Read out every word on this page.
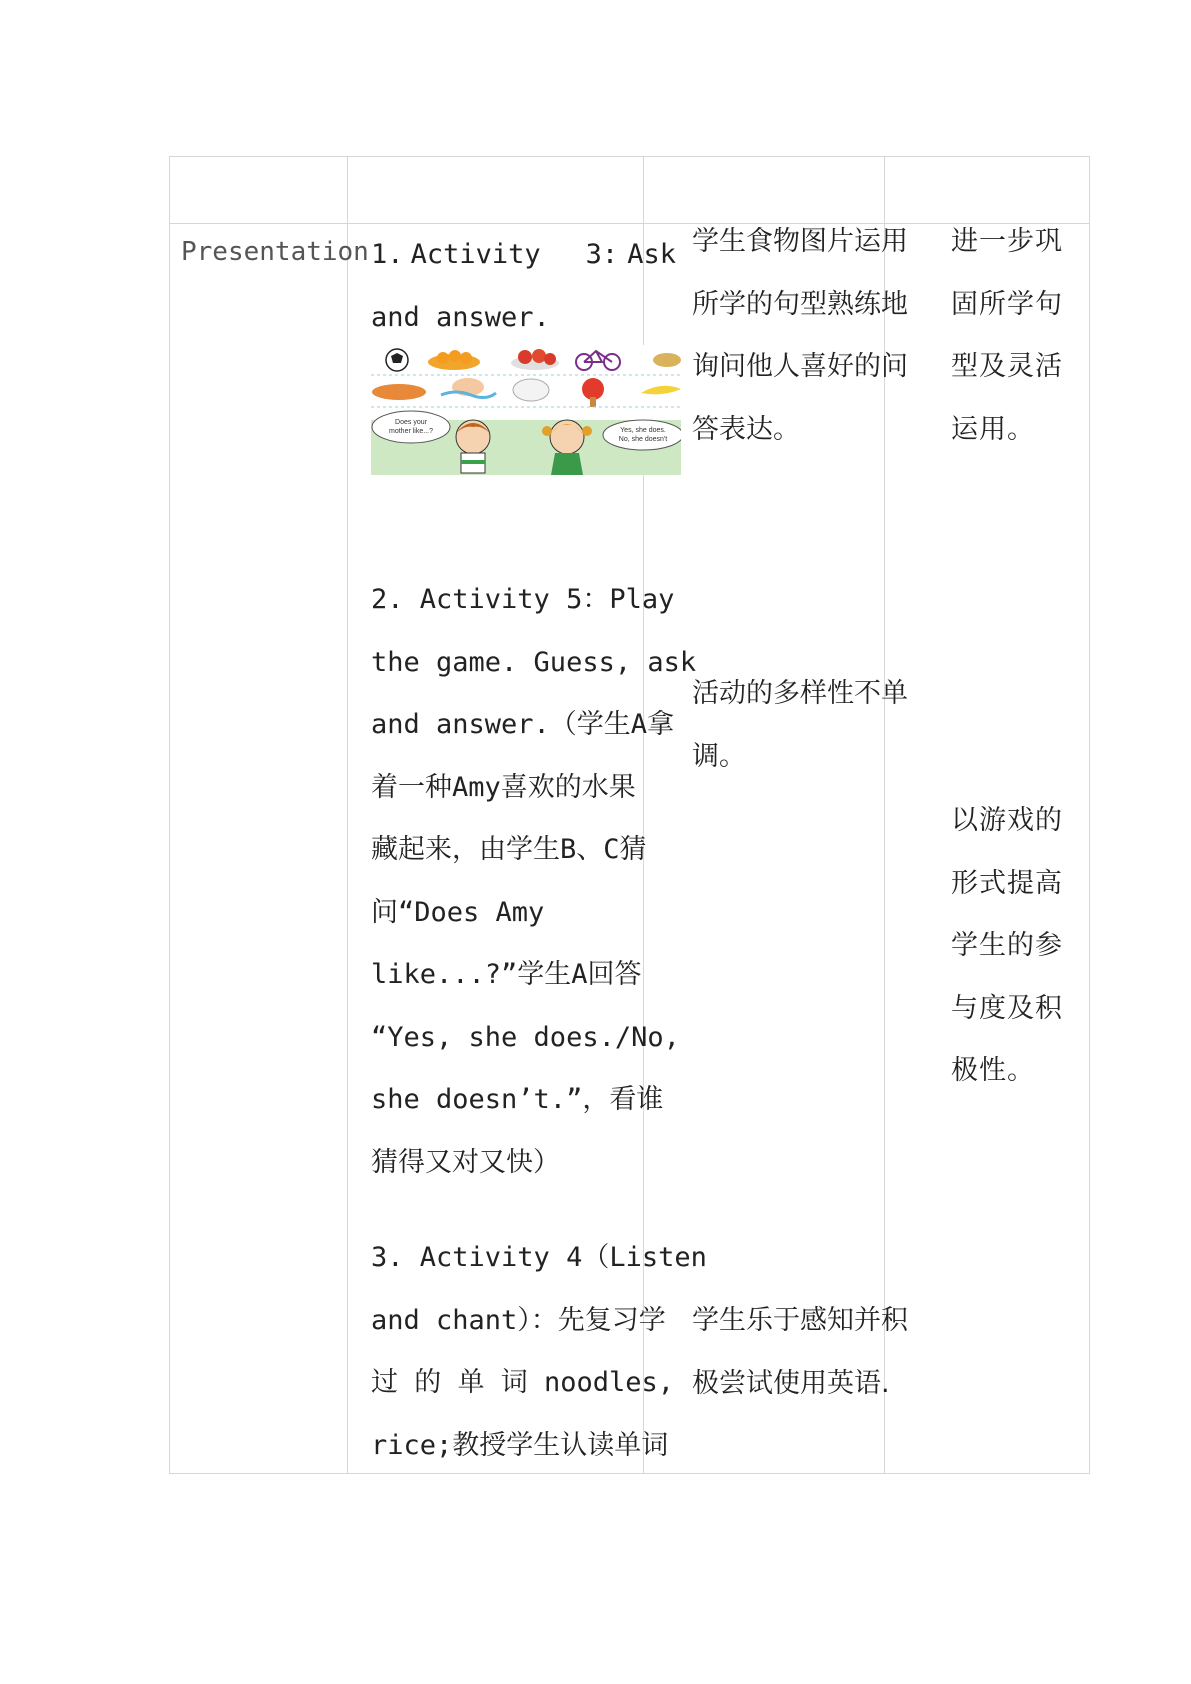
Presentation 1. Activity 3: Ask
and answer.
Does your
mother like...?	Yes, she does.
No, she doesn't
学生食物图片运用
所学的句型熟练地
询问他人喜好的问
答表达。
进一步巩
固所学句
型及灵活
运用。
2. Activity 5：Play
the game. Guess, ask
and answer.（学生A拿
着一种Amy喜欢的水果
藏起来，由学生B、C猜
问“Does Amy
like...?”学生A回答
“Yes, she does./No,
she doesn’t.”，看谁
猜得又对又快）
活动的多样性不单
调。
以游戏的
形式提高
学生的参
与度及积
极性。
3. Activity 4（Listen
and chant）：先复习学
过 的 单 词 noodles,
rice;教授学生认读单词
学生乐于感知并积
极尝试使用英语.
